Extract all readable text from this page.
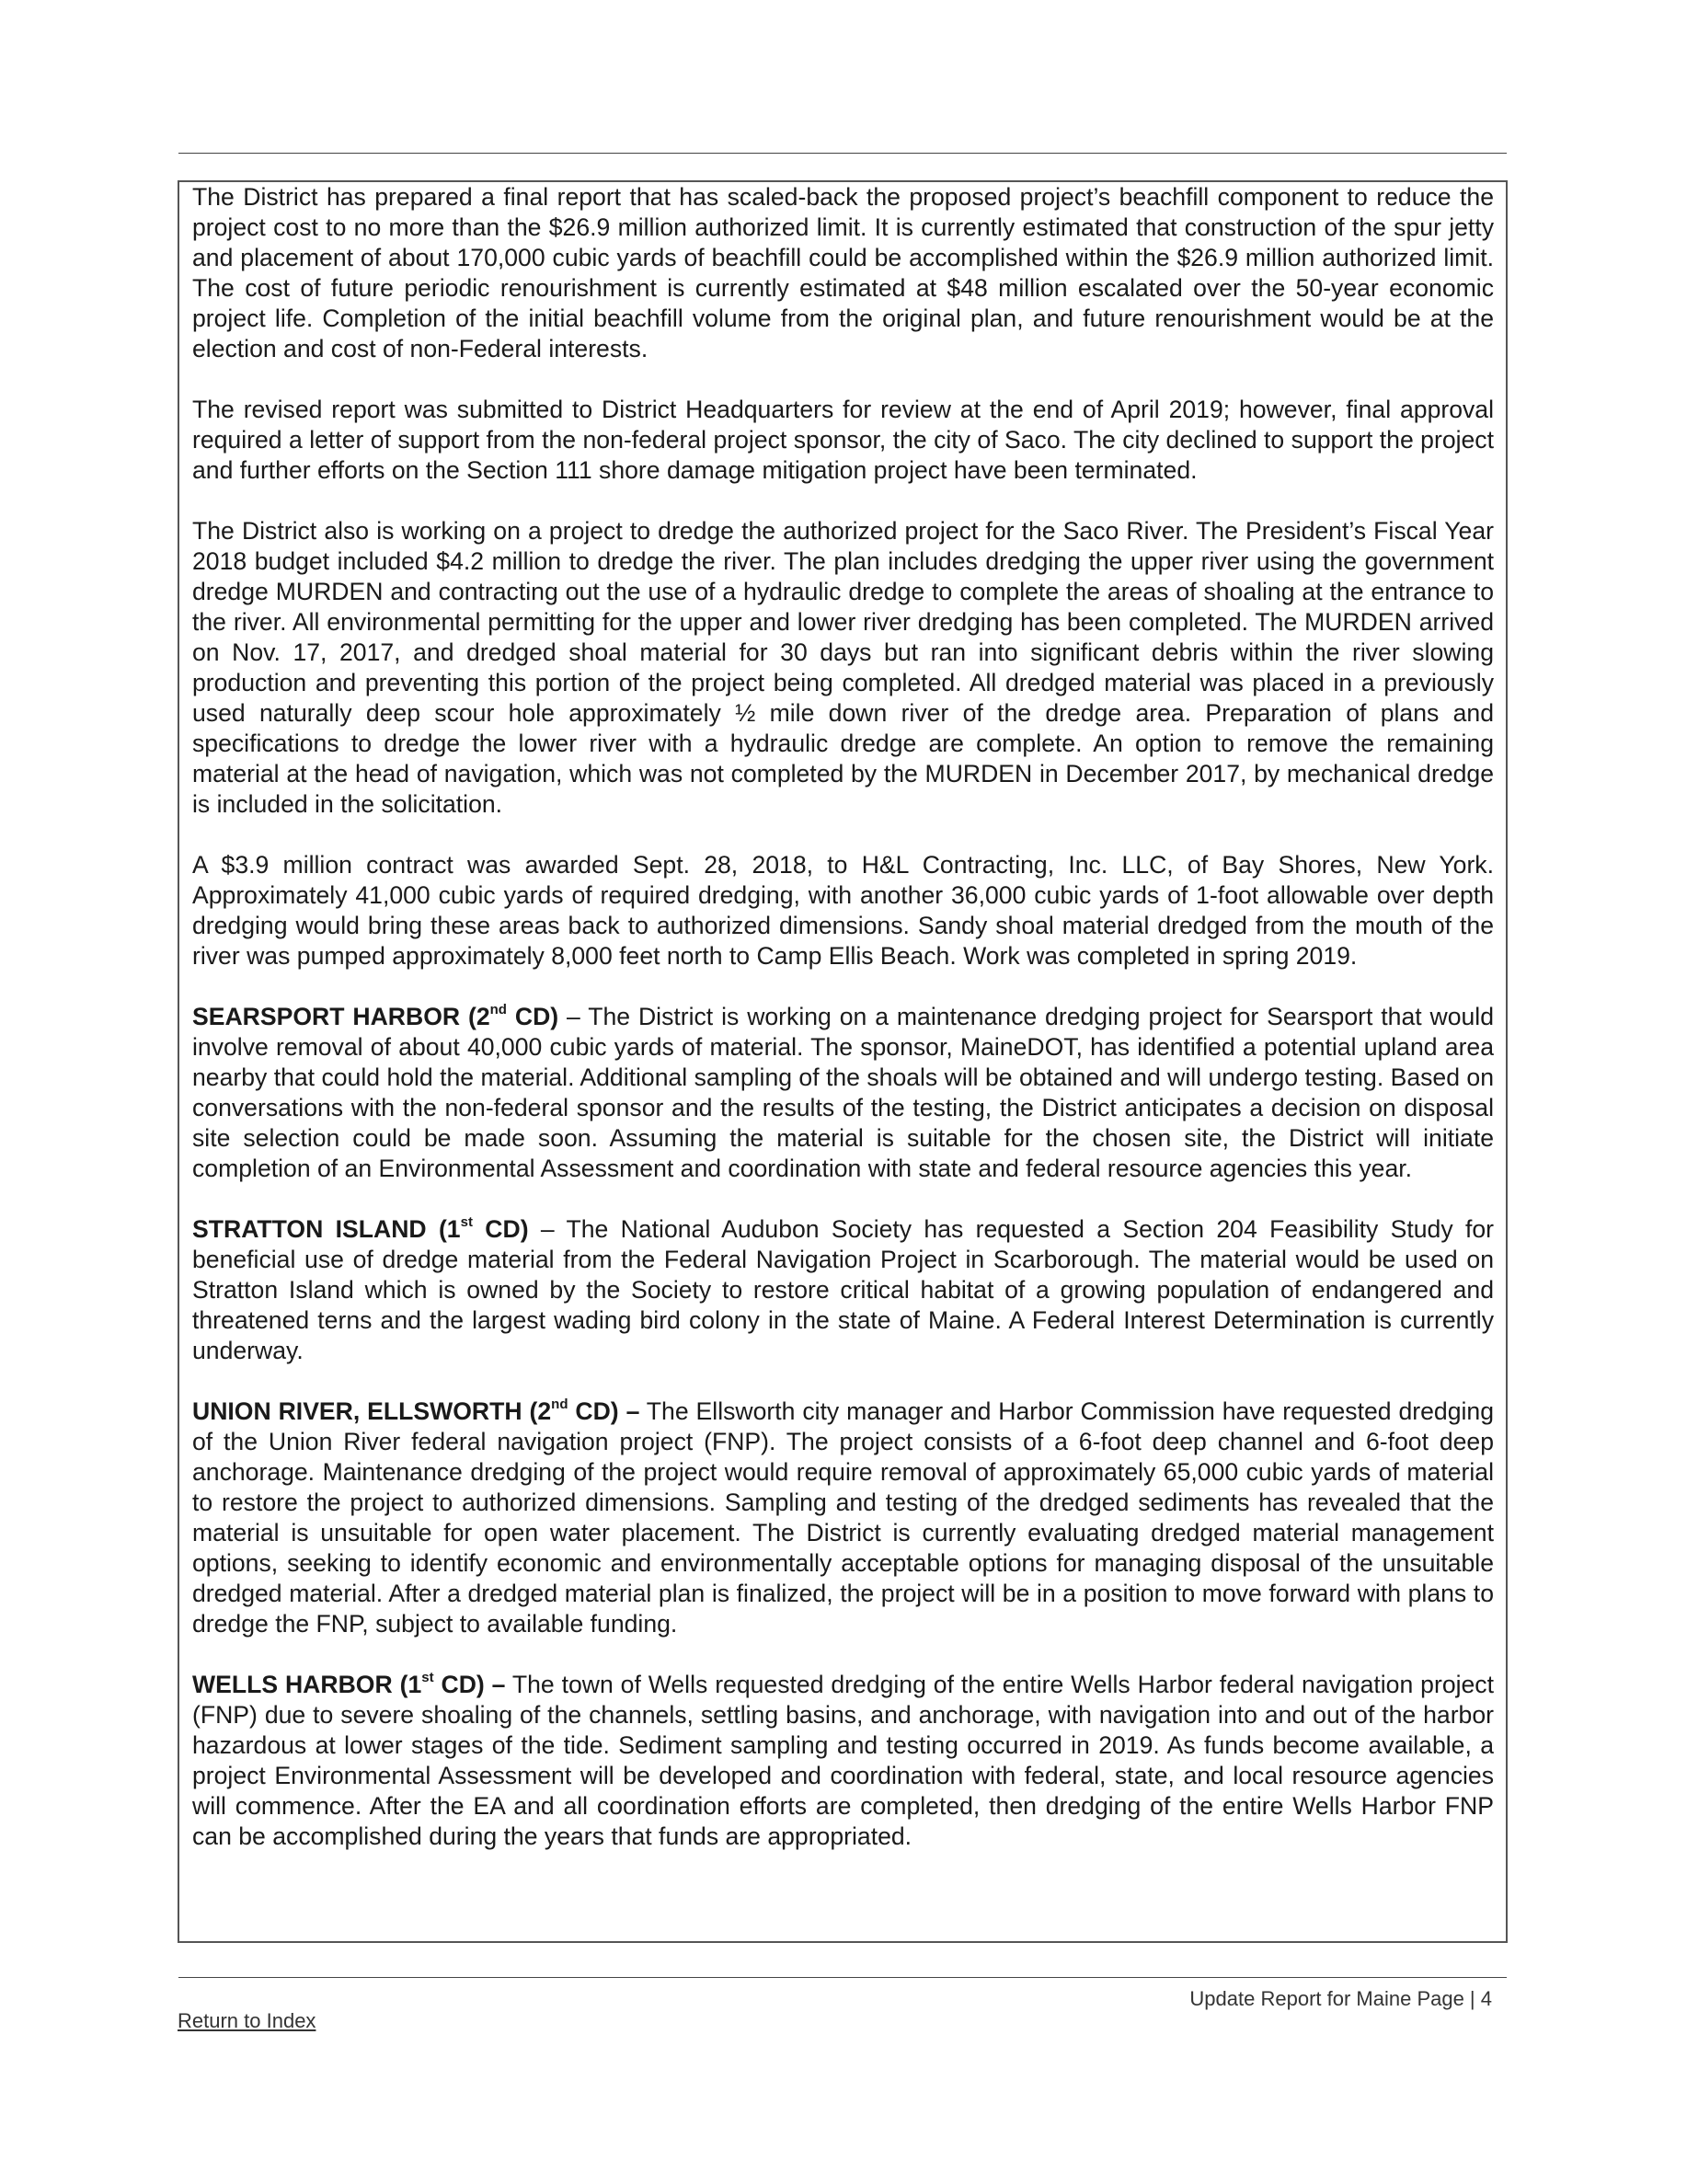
The District has prepared a final report that has scaled-back the proposed project’s beachfill component to reduce the project cost to no more than the $26.9 million authorized limit. It is currently estimated that construction of the spur jetty and placement of about 170,000 cubic yards of beachfill could be accomplished within the $26.9 million authorized limit. The cost of future periodic renourishment is currently estimated at $48 million escalated over the 50-year economic project life. Completion of the initial beachfill volume from the original plan, and future renourishment would be at the election and cost of non-Federal interests.

The revised report was submitted to District Headquarters for review at the end of April 2019; however, final approval required a letter of support from the non-federal project sponsor, the city of Saco. The city declined to support the project and further efforts on the Section 111 shore damage mitigation project have been terminated.

The District also is working on a project to dredge the authorized project for the Saco River. The President’s Fiscal Year 2018 budget included $4.2 million to dredge the river. The plan includes dredging the upper river using the government dredge MURDEN and contracting out the use of a hydraulic dredge to complete the areas of shoaling at the entrance to the river. All environmental permitting for the upper and lower river dredging has been completed. The MURDEN arrived on Nov. 17, 2017, and dredged shoal material for 30 days but ran into significant debris within the river slowing production and preventing this portion of the project being completed. All dredged material was placed in a previously used naturally deep scour hole approximately ½ mile down river of the dredge area. Preparation of plans and specifications to dredge the lower river with a hydraulic dredge are complete. An option to remove the remaining material at the head of navigation, which was not completed by the MURDEN in December 2017, by mechanical dredge is included in the solicitation.

A $3.9 million contract was awarded Sept. 28, 2018, to H&L Contracting, Inc. LLC, of Bay Shores, New York. Approximately 41,000 cubic yards of required dredging, with another 36,000 cubic yards of 1-foot allowable over depth dredging would bring these areas back to authorized dimensions. Sandy shoal material dredged from the mouth of the river was pumped approximately 8,000 feet north to Camp Ellis Beach. Work was completed in spring 2019.

SEARSPORT HARBOR (2nd CD) – The District is working on a maintenance dredging project for Searsport that would involve removal of about 40,000 cubic yards of material. The sponsor, MaineDOT, has identified a potential upland area nearby that could hold the material. Additional sampling of the shoals will be obtained and will undergo testing. Based on conversations with the non-federal sponsor and the results of the testing, the District anticipates a decision on disposal site selection could be made soon. Assuming the material is suitable for the chosen site, the District will initiate completion of an Environmental Assessment and coordination with state and federal resource agencies this year.

STRATTON ISLAND (1st CD) – The National Audubon Society has requested a Section 204 Feasibility Study for beneficial use of dredge material from the Federal Navigation Project in Scarborough. The material would be used on Stratton Island which is owned by the Society to restore critical habitat of a growing population of endangered and threatened terns and the largest wading bird colony in the state of Maine. A Federal Interest Determination is currently underway.

UNION RIVER, ELLSWORTH (2nd CD) – The Ellsworth city manager and Harbor Commission have requested dredging of the Union River federal navigation project (FNP). The project consists of a 6-foot deep channel and 6-foot deep anchorage. Maintenance dredging of the project would require removal of approximately 65,000 cubic yards of material to restore the project to authorized dimensions. Sampling and testing of the dredged sediments has revealed that the material is unsuitable for open water placement. The District is currently evaluating dredged material management options, seeking to identify economic and environmentally acceptable options for managing disposal of the unsuitable dredged material. After a dredged material plan is finalized, the project will be in a position to move forward with plans to dredge the FNP, subject to available funding.

WELLS HARBOR (1st CD) – The town of Wells requested dredging of the entire Wells Harbor federal navigation project (FNP) due to severe shoaling of the channels, settling basins, and anchorage, with navigation into and out of the harbor hazardous at lower stages of the tide. Sediment sampling and testing occurred in 2019. As funds become available, a project Environmental Assessment will be developed and coordination with federal, state, and local resource agencies will commence. After the EA and all coordination efforts are completed, then dredging of the entire Wells Harbor FNP can be accomplished during the years that funds are appropriated.

Update Report for Maine Page | 4
Return to Index
